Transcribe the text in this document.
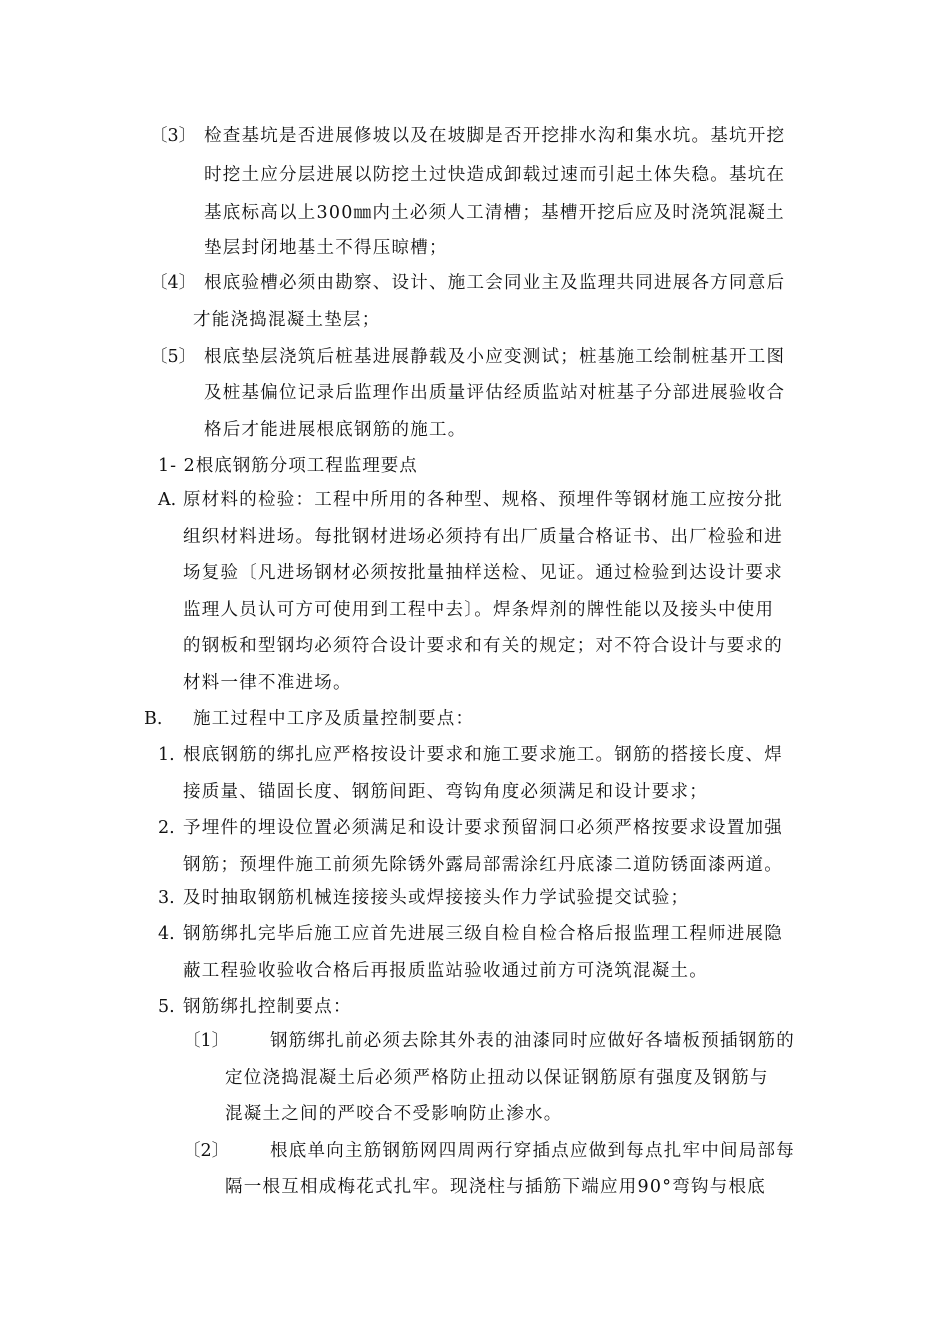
〔3〕 检查基坑是否进展修坡以及在坡脚是否开挖排水沟和集水坑。基坑开挖
时挖土应分层进展以防挖土过快造成卸载过速而引起土体失稳。基坑在
基底标高以上300㎜内土必须人工清槽；基槽开挖后应及时浇筑混凝土
垫层封闭地基土不得压晾槽；
〔4〕 根底验槽必须由勘察、设计、施工会同业主及监理共同进展各方同意后
才能浇捣混凝土垫层；
〔5〕 根底垫层浇筑后桩基进展静载及小应变测试；桩基施工绘制桩基开工图
及桩基偏位记录后监理作出质量评估经质监站对桩基子分部进展验收合
格后才能进展根底钢筋的施工。
1- 2根底钢筋分项工程监理要点
A. 原材料的检验：工程中所用的各种型、规格、预埋件等钢材施工应按分批
组织材料进场。每批钢材进场必须持有出厂质量合格证书、出厂检验和进
场复验〔凡进场钢材必须按批量抽样送检、见证。通过检验到达设计要求
监理人员认可方可使用到工程中去〕。焊条焊剂的牌性能以及接头中使用
的钢板和型钢均必须符合设计要求和有关的规定；对不符合设计与要求的
材料一律不准进场。
B. 施工过程中工序及质量控制要点：
1. 根底钢筋的绑扎应严格按设计要求和施工要求施工。钢筋的搭接长度、焊
接质量、锚固长度、钢筋间距、弯钩角度必须满足和设计要求；
2. 予埋件的埋设位置必须满足和设计要求预留洞口必须严格按要求设置加强
钢筋；预埋件施工前须先除锈外露局部需涂红丹底漆二道防锈面漆两道。
3. 及时抽取钢筋机械连接接头或焊接接头作力学试验提交试验；
4. 钢筋绑扎完毕后施工应首先进展三级自检自检合格后报监理工程师进展隐
蔽工程验收验收合格后再报质监站验收通过前方可浇筑混凝土。
5. 钢筋绑扎控制要点：
〔1〕 钢筋绑扎前必须去除其外表的油漆同时应做好各墙板预插钢筋的
定位浇捣混凝土后必须严格防止扭动以保证钢筋原有强度及钢筋与
混凝土之间的严咬合不受影响防止渗水。
〔2〕 根底单向主筋钢筋网四周两行穿插点应做到每点扎牢中间局部每
隔一根互相成梅花式扎牢。现浇柱与插筋下端应用90°弯钩与根底
